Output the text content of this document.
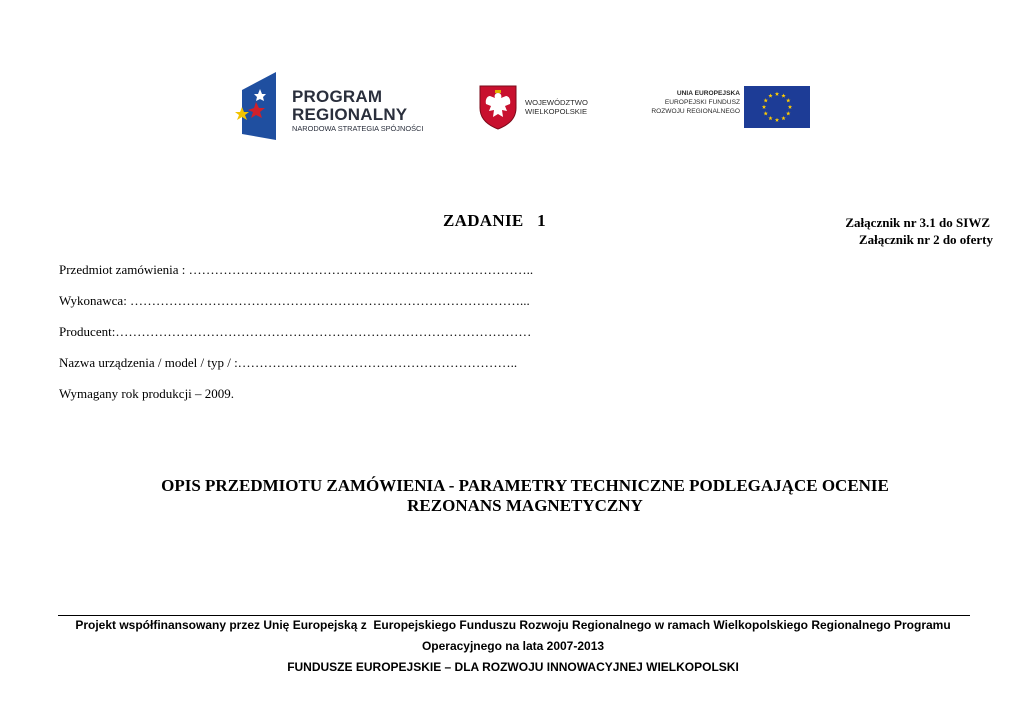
PROGRAM
REGIONALNY
NARODOWA STRATEGIA SPÓJNOŚCI
WOJEWÓDZTWO
WIELKOPOLSKIE
UNIA EUROPEJSKA
EUROPEJSKI FUNDUSZ
ROZWOJU REGIONALNEGO
ZADANIE   1	Załącznik nr 3.1 do SIWZ
Załącznik nr 2 do oferty
Przedmiot zamówienia : ……………………………………………………………………..
Wykonawca: ………………………………………………………………………………...
Producent:……………………………………………………………………………………
Nazwa urządzenia / model / typ / :………………………………………………………..
Wymagany rok produkcji – 2009.
OPIS PRZEDMIOTU ZAMÓWIENIA - PARAMETRY TECHNICZNE PODLEGAJĄCE OCENIE
REZONANS MAGNETYCZNY
Projekt współfinansowany przez Unię Europejską z  Europejskiego Funduszu Rozwoju Regionalnego w ramach Wielkopolskiego Regionalnego Programu
Operacyjnego na lata 2007-2013
FUNDUSZE EUROPEJSKIE – DLA ROZWOJU INNOWACYJNEJ WIELKOPOLSKI
